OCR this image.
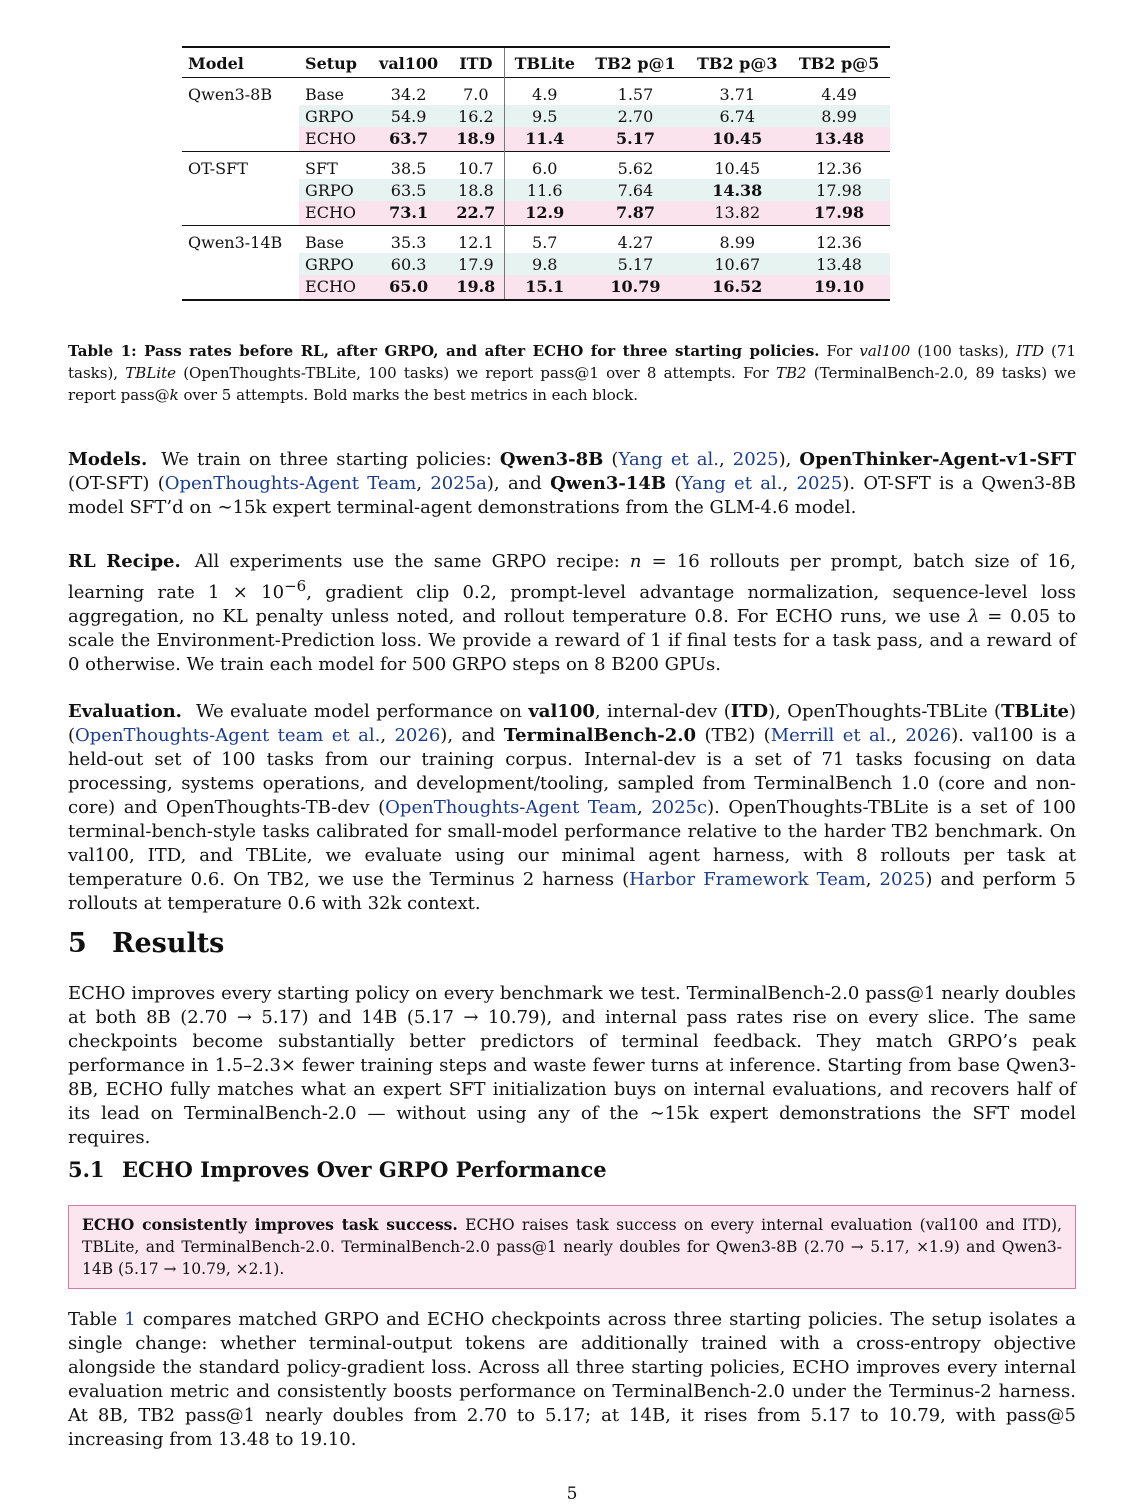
Model	Setup	val100	ITD	TBLite	TB2 p@1	TB2 p@3	TB2 p@5
Qwen3-8B	Base	34.2	7.0	4.9	1.57	3.71	4.49
	GRPO	54.9	16.2	9.5	2.70	6.74	8.99
	ECHO	63.7	18.9	11.4	5.17	10.45	13.48
OT-SFT	SFT	38.5	10.7	6.0	5.62	10.45	12.36
	GRPO	63.5	18.8	11.6	7.64	14.38	17.98
	ECHO	73.1	22.7	12.9	7.87	13.82	17.98
Qwen3-14B	Base	35.3	12.1	5.7	4.27	8.99	12.36
	GRPO	60.3	17.9	9.8	5.17	10.67	13.48
	ECHO	65.0	19.8	15.1	10.79	16.52	19.10
Table 1: Pass rates before RL, after GRPO, and after ECHO for three starting policies. For val100 (100 tasks), ITD (71 tasks), TBLite (OpenThoughts-TBLite, 100 tasks) we report pass@1 over 8 attempts. For TB2 (TerminalBench-2.0, 89 tasks) we report pass@k over 5 attempts. Bold marks the best metrics in each block.
Models. We train on three starting policies: Qwen3-8B (Yang et al., 2025), OpenThinker-Agent-v1-SFT (OT-SFT) (OpenThoughts-Agent Team, 2025a), and Qwen3-14B (Yang et al., 2025). OT-SFT is a Qwen3-8B model SFT’d on ∼15k expert terminal-agent demonstrations from the GLM-4.6 model.
RL Recipe. All experiments use the same GRPO recipe: n = 16 rollouts per prompt, batch size of 16, learning rate $1 \times 10^{-6}$, gradient clip 0.2, prompt-level advantage normalization, sequence-level loss aggregation, no KL penalty unless noted, and rollout temperature 0.8. For ECHO runs, we use λ = 0.05 to scale the Environment-Prediction loss. We provide a reward of 1 if final tests for a task pass, and a reward of 0 otherwise. We train each model for 500 GRPO steps on 8 B200 GPUs.
Evaluation. We evaluate model performance on val100, internal-dev (ITD), OpenThoughts-TBLite (TBLite) (OpenThoughts-Agent team et al., 2026), and TerminalBench-2.0 (TB2) (Merrill et al., 2026). val100 is a held-out set of 100 tasks from our training corpus. Internal-dev is a set of 71 tasks focusing on data processing, systems operations, and development/tooling, sampled from TerminalBench 1.0 (core and non-core) and OpenThoughts-TB-dev (OpenThoughts-Agent Team, 2025c). OpenThoughts-TBLite is a set of 100 terminal-bench-style tasks calibrated for small-model performance relative to the harder TB2 benchmark. On val100, ITD, and TBLite, we evaluate using our minimal agent harness, with 8 rollouts per task at temperature 0.6. On TB2, we use the Terminus 2 harness (Harbor Framework Team, 2025) and perform 5 rollouts at temperature 0.6 with 32k context.
5 Results
ECHO improves every starting policy on every benchmark we test. TerminalBench-2.0 pass@1 nearly doubles at both 8B (2.70 → 5.17) and 14B (5.17 → 10.79), and internal pass rates rise on every slice. The same checkpoints become substantially better predictors of terminal feedback. They match GRPO’s peak performance in 1.5–2.3× fewer training steps and waste fewer turns at inference. Starting from base Qwen3-8B, ECHO fully matches what an expert SFT initialization buys on internal evaluations, and recovers half of its lead on TerminalBench-2.0 — without using any of the ∼15k expert demonstrations the SFT model requires.
5.1 ECHO Improves Over GRPO Performance
ECHO consistently improves task success. ECHO raises task success on every internal evaluation (val100 and ITD), TBLite, and TerminalBench-2.0. TerminalBench-2.0 pass@1 nearly doubles for Qwen3-8B (2.70 → 5.17, ×1.9) and Qwen3-14B (5.17 → 10.79, ×2.1).
Table 1 compares matched GRPO and ECHO checkpoints across three starting policies. The setup isolates a single change: whether terminal-output tokens are additionally trained with a cross-entropy objective alongside the standard policy-gradient loss. Across all three starting policies, ECHO improves every internal evaluation metric and consistently boosts performance on TerminalBench-2.0 under the Terminus-2 harness. At 8B, TB2 pass@1 nearly doubles from 2.70 to 5.17; at 14B, it rises from 5.17 to 10.79, with pass@5 increasing from 13.48 to 19.10.
5
